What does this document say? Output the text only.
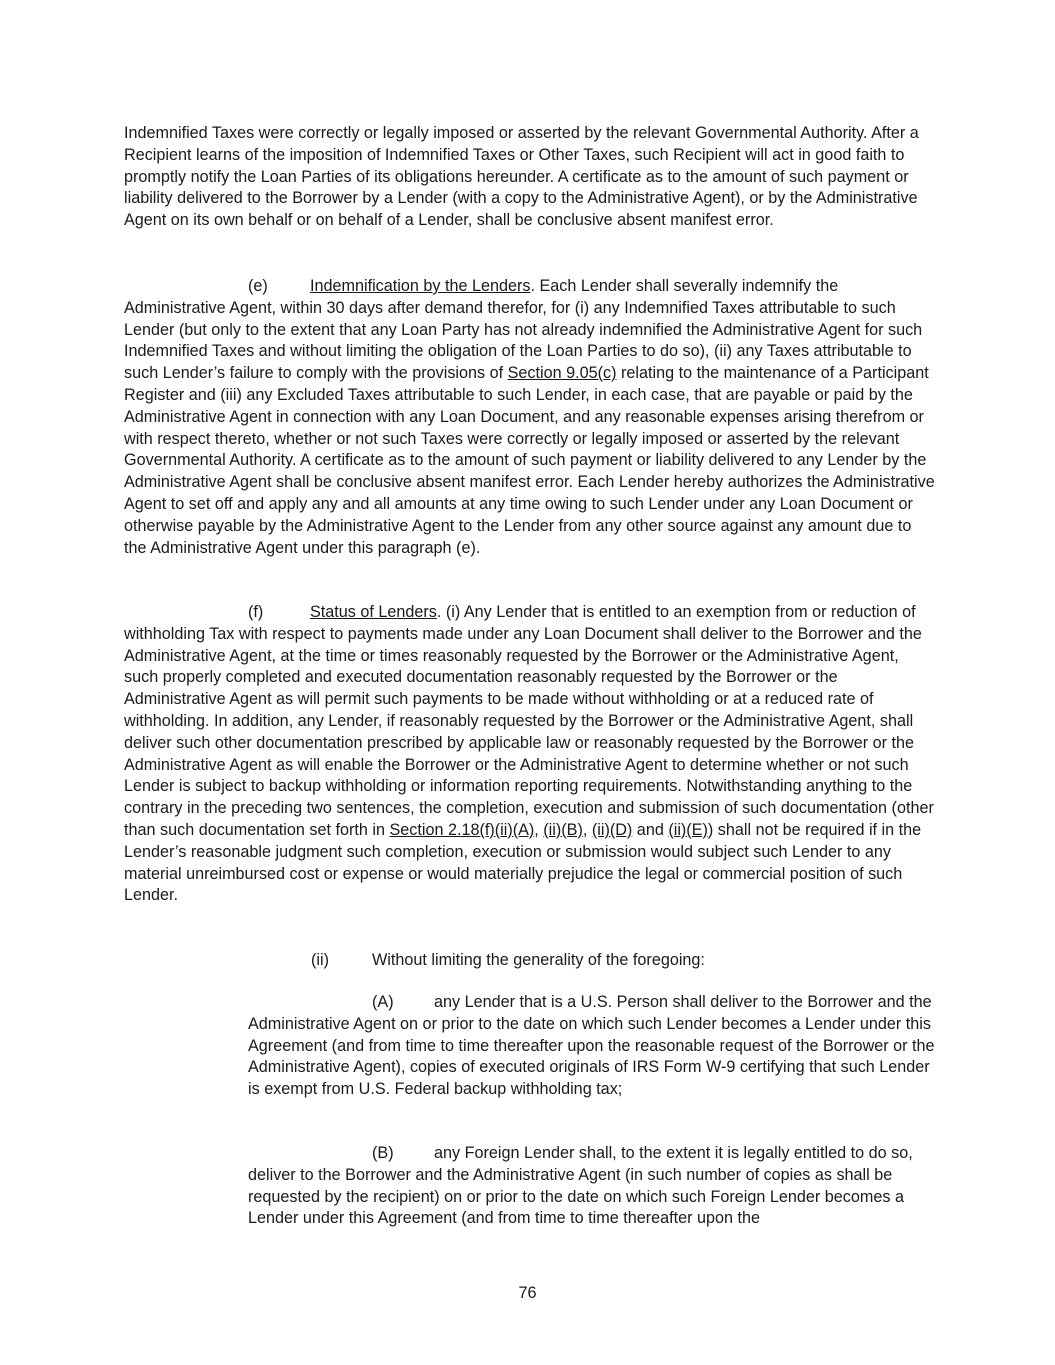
Indemnified Taxes were correctly or legally imposed or asserted by the relevant Governmental Authority. After a Recipient learns of the imposition of Indemnified Taxes or Other Taxes, such Recipient will act in good faith to promptly notify the Loan Parties of its obligations hereunder. A certificate as to the amount of such payment or liability delivered to the Borrower by a Lender (with a copy to the Administrative Agent), or by the Administrative Agent on its own behalf or on behalf of a Lender, shall be conclusive absent manifest error.

(e)	Indemnification by the Lenders. Each Lender shall severally indemnify the Administrative Agent, within 30 days after demand therefor, for (i) any Indemnified Taxes attributable to such Lender (but only to the extent that any Loan Party has not already indemnified the Administrative Agent for such Indemnified Taxes and without limiting the obligation of the Loan Parties to do so), (ii) any Taxes attributable to such Lender’s failure to comply with the provisions of Section 9.05(c) relating to the maintenance of a Participant Register and (iii) any Excluded Taxes attributable to such Lender, in each case, that are payable or paid by the Administrative Agent in connection with any Loan Document, and any reasonable expenses arising therefrom or with respect thereto, whether or not such Taxes were correctly or legally imposed or asserted by the relevant Governmental Authority. A certificate as to the amount of such payment or liability delivered to any Lender by the Administrative Agent shall be conclusive absent manifest error. Each Lender hereby authorizes the Administrative Agent to set off and apply any and all amounts at any time owing to such Lender under any Loan Document or otherwise payable by the Administrative Agent to the Lender from any other source against any amount due to the Administrative Agent under this paragraph (e).

(f)	Status of Lenders. (i) Any Lender that is entitled to an exemption from or reduction of withholding Tax with respect to payments made under any Loan Document shall deliver to the Borrower and the Administrative Agent, at the time or times reasonably requested by the Borrower or the Administrative Agent, such properly completed and executed documentation reasonably requested by the Borrower or the Administrative Agent as will permit such payments to be made without withholding or at a reduced rate of withholding. In addition, any Lender, if reasonably requested by the Borrower or the Administrative Agent, shall deliver such other documentation prescribed by applicable law or reasonably requested by the Borrower or the Administrative Agent as will enable the Borrower or the Administrative Agent to determine whether or not such Lender is subject to backup withholding or information reporting requirements. Notwithstanding anything to the contrary in the preceding two sentences, the completion, execution and submission of such documentation (other than such documentation set forth in Section 2.18(f)(ii)(A), (ii)(B), (ii)(D) and (ii)(E)) shall not be required if in the Lender’s reasonable judgment such completion, execution or submission would subject such Lender to any material unreimbursed cost or expense or would materially prejudice the legal or commercial position of such Lender.

(ii)	Without limiting the generality of the foregoing:

(A) any Lender that is a U.S. Person shall deliver to the Borrower and the Administrative Agent on or prior to the date on which such Lender becomes a Lender under this Agreement (and from time to time thereafter upon the reasonable request of the Borrower or the Administrative Agent), copies of executed originals of IRS Form W-9 certifying that such Lender is exempt from U.S. Federal backup withholding tax;

(B) any Foreign Lender shall, to the extent it is legally entitled to do so, deliver to the Borrower and the Administrative Agent (in such number of copies as shall be requested by the recipient) on or prior to the date on which such Foreign Lender becomes a Lender under this Agreement (and from time to time thereafter upon the

76
